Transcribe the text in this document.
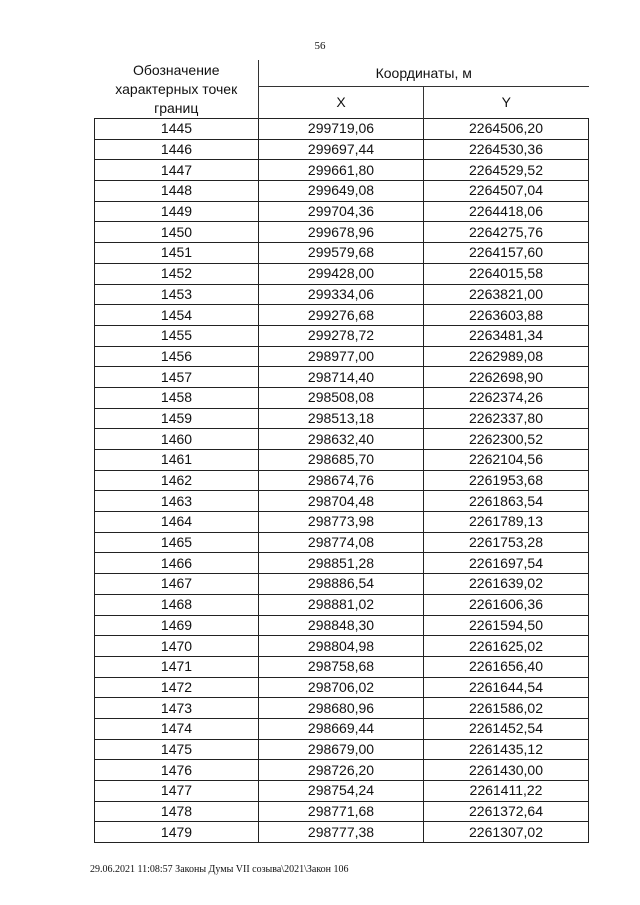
56
Обозначение характерных точек границ	Координаты, м	
	X	Y
1445	299719,06	2264506,20
1446	299697,44	2264530,36
1447	299661,80	2264529,52
1448	299649,08	2264507,04
1449	299704,36	2264418,06
1450	299678,96	2264275,76
1451	299579,68	2264157,60
1452	299428,00	2264015,58
1453	299334,06	2263821,00
1454	299276,68	2263603,88
1455	299278,72	2263481,34
1456	298977,00	2262989,08
1457	298714,40	2262698,90
1458	298508,08	2262374,26
1459	298513,18	2262337,80
1460	298632,40	2262300,52
1461	298685,70	2262104,56
1462	298674,76	2261953,68
1463	298704,48	2261863,54
1464	298773,98	2261789,13
1465	298774,08	2261753,28
1466	298851,28	2261697,54
1467	298886,54	2261639,02
1468	298881,02	2261606,36
1469	298848,30	2261594,50
1470	298804,98	2261625,02
1471	298758,68	2261656,40
1472	298706,02	2261644,54
1473	298680,96	2261586,02
1474	298669,44	2261452,54
1475	298679,00	2261435,12
1476	298726,20	2261430,00
1477	298754,24	2261411,22
1478	298771,68	2261372,64
1479	298777,38	2261307,02
29.06.2021 11:08:57 Законы Думы VII созыва\2021\Закон 106
